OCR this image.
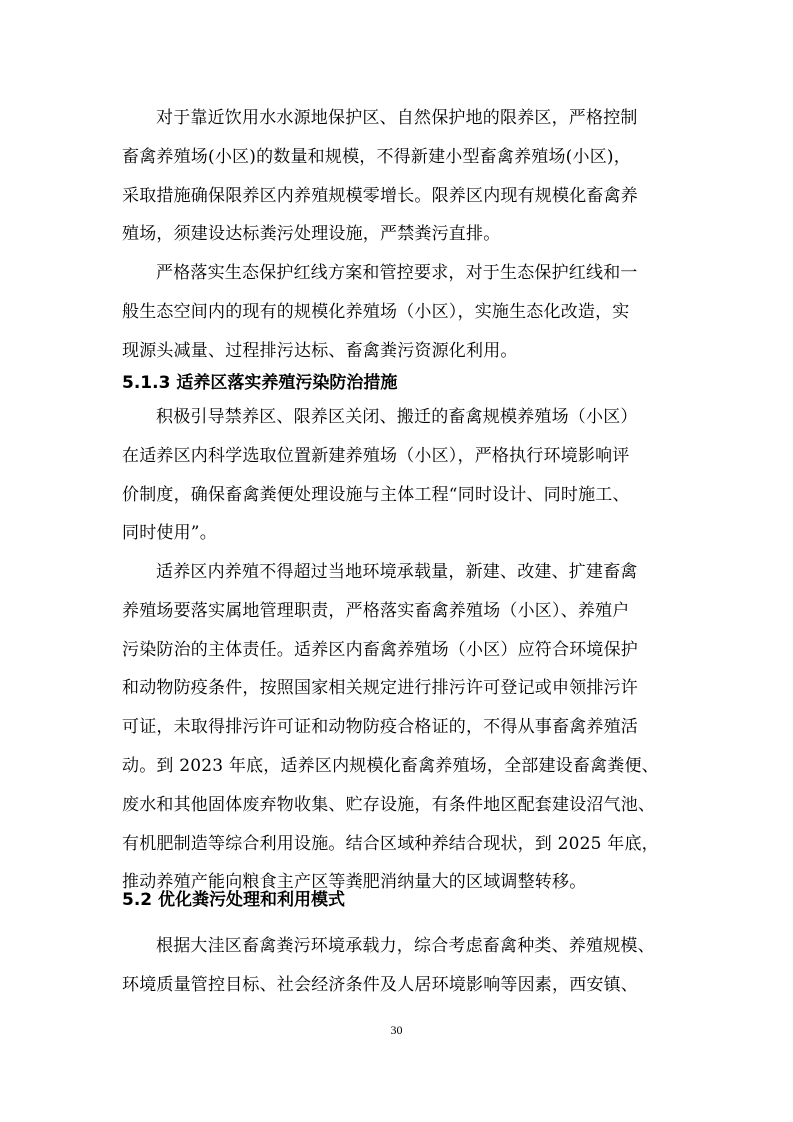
对于靠近饮用水水源地保护区、自然保护地的限养区，严格控制
畜禽养殖场(小区)的数量和规模，不得新建小型畜禽养殖场(小区)，
采取措施确保限养区内养殖规模零增长。限养区内现有规模化畜禽养
殖场，须建设达标粪污处理设施，严禁粪污直排。
严格落实生态保护红线方案和管控要求，对于生态保护红线和一
般生态空间内的现有的规模化养殖场（小区），实施生态化改造，实
现源头减量、过程排污达标、畜禽粪污资源化利用。
5.1.3 适养区落实养殖污染防治措施
积极引导禁养区、限养区关闭、搬迁的畜禽规模养殖场（小区）
在适养区内科学选取位置新建养殖场（小区），严格执行环境影响评
价制度，确保畜禽粪便处理设施与主体工程“同时设计、同时施工、
同时使用”。
适养区内养殖不得超过当地环境承载量，新建、改建、扩建畜禽
养殖场要落实属地管理职责，严格落实畜禽养殖场（小区）、养殖户
污染防治的主体责任。适养区内畜禽养殖场（小区）应符合环境保护
和动物防疫条件，按照国家相关规定进行排污许可登记或申领排污许
可证，未取得排污许可证和动物防疫合格证的，不得从事畜禽养殖活
动。到 2023 年底，适养区内规模化畜禽养殖场，全部建设畜禽粪便、
废水和其他固体废弃物收集、贮存设施，有条件地区配套建设沼气池、
有机肥制造等综合利用设施。结合区域种养结合现状，到 2025 年底，
推动养殖产能向粮食主产区等粪肥消纳量大的区域调整转移。
5.2 优化粪污处理和利用模式
根据大洼区畜禽粪污环境承载力，综合考虑畜禽种类、养殖规模、
环境质量管控目标、社会经济条件及人居环境影响等因素，西安镇、
30
